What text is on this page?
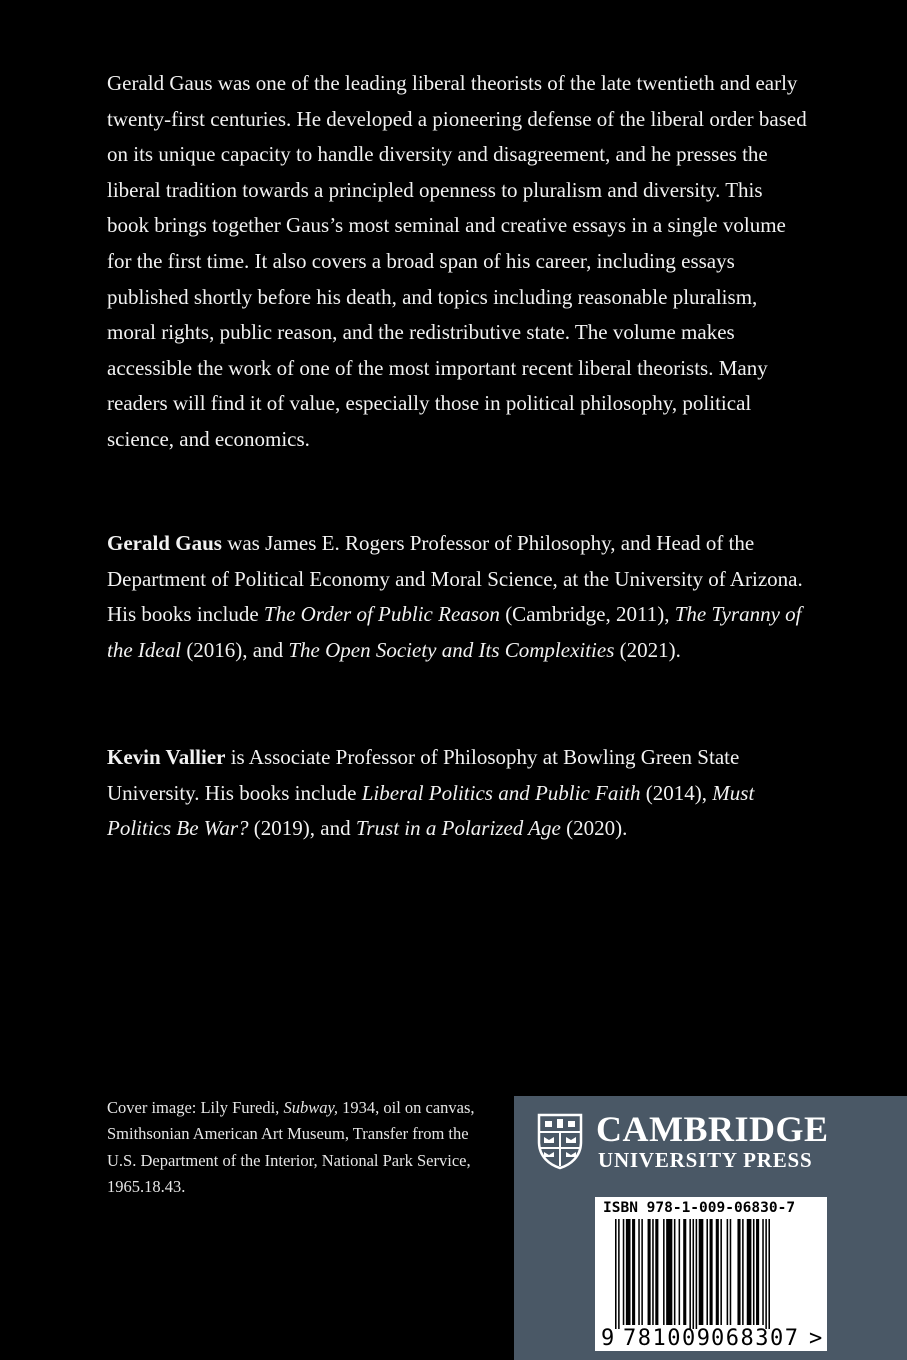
Gerald Gaus was one of the leading liberal theorists of the late twentieth and early twenty-first centuries. He developed a pioneering defense of the liberal order based on its unique capacity to handle diversity and disagreement, and he presses the liberal tradition towards a principled openness to pluralism and diversity. This book brings together Gaus’s most seminal and creative essays in a single volume for the first time. It also covers a broad span of his career, including essays published shortly before his death, and topics including reasonable pluralism, moral rights, public reason, and the redistributive state. The volume makes accessible the work of one of the most important recent liberal theorists. Many readers will find it of value, especially those in political philosophy, political science, and economics.

Gerald Gaus was James E. Rogers Professor of Philosophy, and Head of the Department of Political Economy and Moral Science, at the University of Arizona. His books include The Order of Public Reason (Cambridge, 2011), The Tyranny of the Ideal (2016), and The Open Society and Its Complexities (2021).

Kevin Vallier is Associate Professor of Philosophy at Bowling Green State University. His books include Liberal Politics and Public Faith (2014), Must Politics Be War? (2019), and Trust in a Polarized Age (2020).

Cover image: Lily Furedi, Subway, 1934, oil on canvas, Smithsonian American Art Museum, Transfer from the U.S. Department of the Interior, National Park Service, 1965.18.43.
CAMBRIDGE
UNIVERSITY PRESS
ISBN 978-1-009-06830-7
9 781009 068307 >
